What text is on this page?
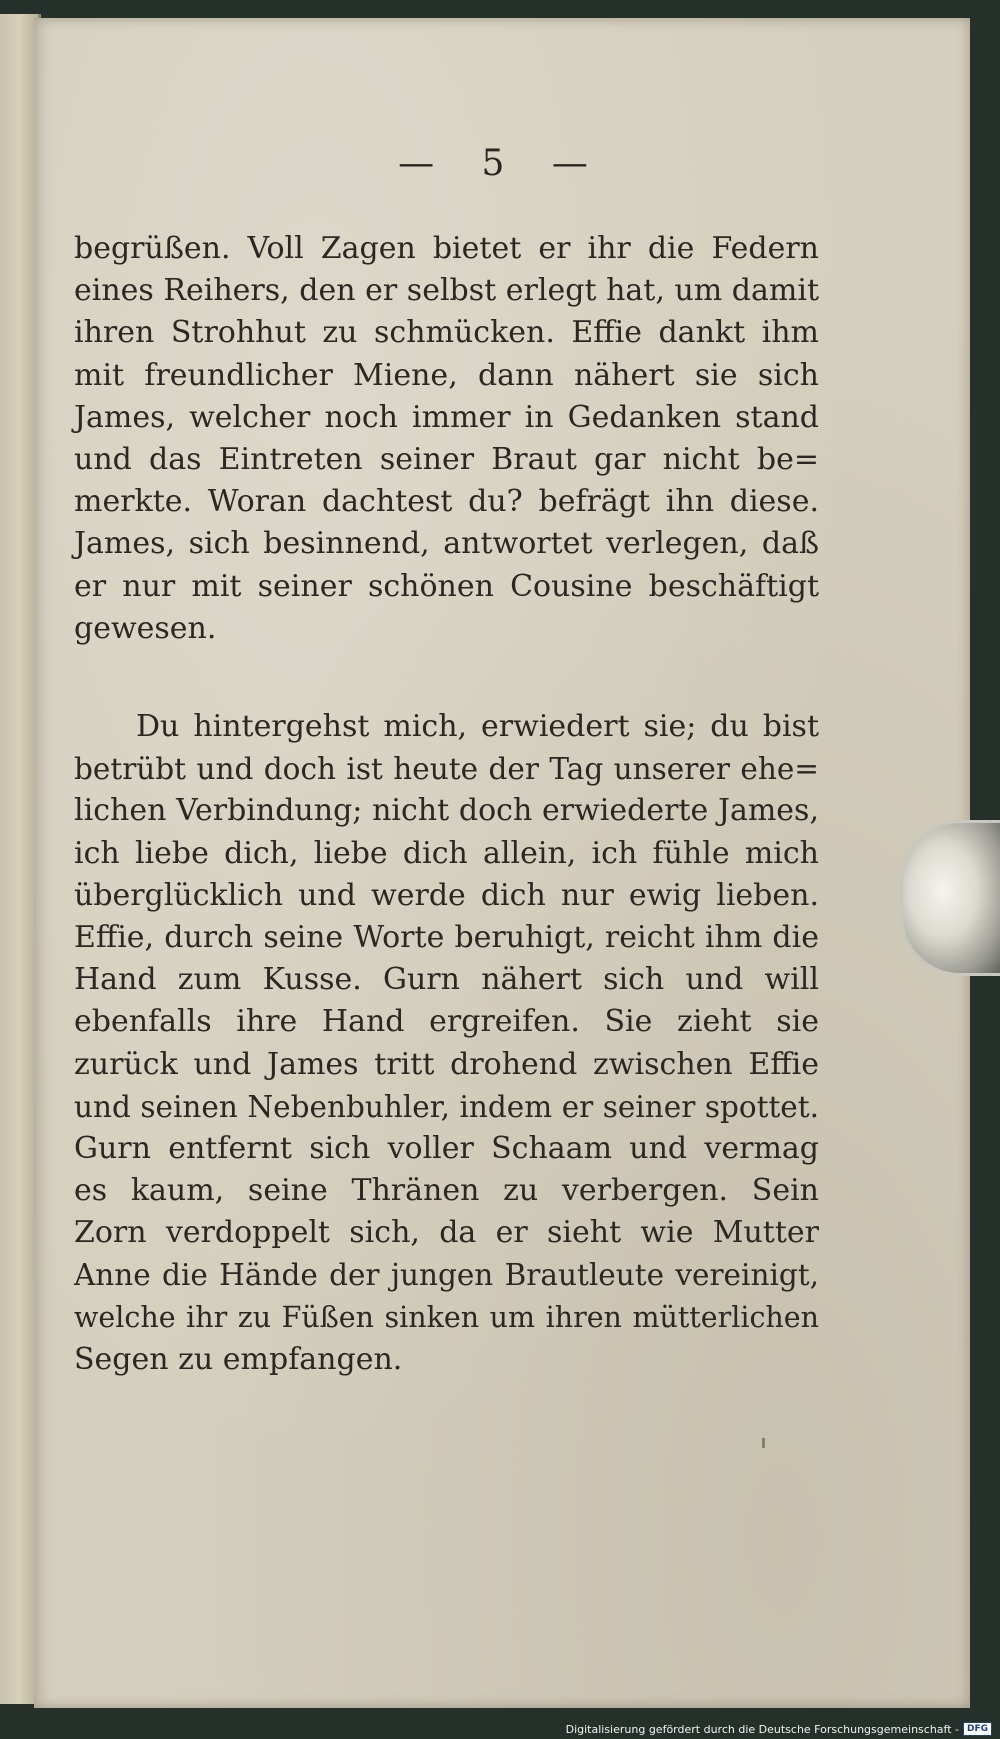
— 5 —
begrüßen. Voll Zagen bietet er ihr die Federn
eines Reihers, den er selbst erlegt hat, um damit
ihren Strohhut zu schmücken. Effie dankt ihm
mit freundlicher Miene, dann nähert sie sich
James, welcher noch immer in Gedanken stand
und das Eintreten seiner Braut gar nicht be=
merkte. Woran dachtest du? befrägt ihn diese.
James, sich besinnend, antwortet verlegen, daß
er nur mit seiner schönen Cousine beschäftigt
gewesen.
Du hintergehst mich, erwiedert sie; du bist
betrübt und doch ist heute der Tag unserer ehe=
lichen Verbindung; nicht doch erwiederte James,
ich liebe dich, liebe dich allein, ich fühle mich
überglücklich und werde dich nur ewig lieben.
Effie, durch seine Worte beruhigt, reicht ihm die
Hand zum Kusse. Gurn nähert sich und will
ebenfalls ihre Hand ergreifen. Sie zieht sie
zurück und James tritt drohend zwischen Effie
und seinen Nebenbuhler, indem er seiner spottet.
Gurn entfernt sich voller Schaam und vermag
es kaum, seine Thränen zu verbergen. Sein
Zorn verdoppelt sich, da er sieht wie Mutter
Anne die Hände der jungen Brautleute vereinigt,
welche ihr zu Füßen sinken um ihren mütterlichen
Segen zu empfangen.
Digitalisierung gefördert durch die Deutsche Forschungsgemeinschaft - DFG
